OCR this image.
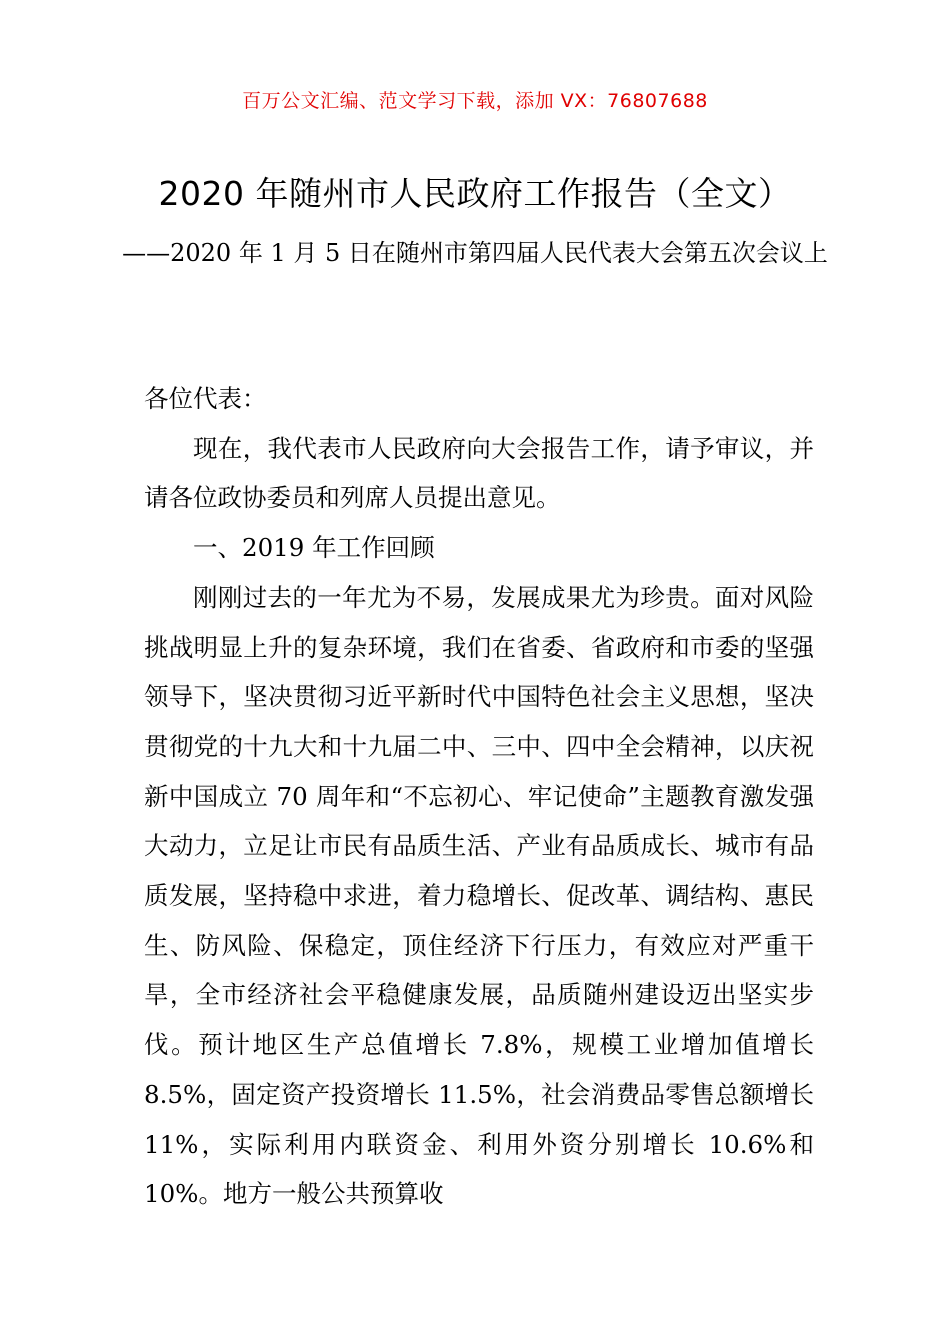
百万公文汇编、范文学习下载，添加 VX：76807688
2020 年随州市人民政府工作报告（全文）
——2020 年 1 月 5 日在随州市第四届人民代表大会第五次会议上

各位代表：

现在，我代表市人民政府向大会报告工作，请予审议，并请各位政协委员和列席人员提出意见。

一、2019 年工作回顾

刚刚过去的一年尤为不易，发展成果尤为珍贵。面对风险挑战明显上升的复杂环境，我们在省委、省政府和市委的坚强领导下，坚决贯彻习近平新时代中国特色社会主义思想，坚决贯彻党的十九大和十九届二中、三中、四中全会精神，以庆祝新中国成立 70 周年和“不忘初心、牢记使命”主题教育激发强大动力，立足让市民有品质生活、产业有品质成长、城市有品质发展，坚持稳中求进，着力稳增长、促改革、调结构、惠民生、防风险、保稳定，顶住经济下行压力，有效应对严重干旱，全市经济社会平稳健康发展，品质随州建设迈出坚实步伐。预计地区生产总值增长 7.8%，规模工业增加值增长 8.5%，固定资产投资增长 11.5%，社会消费品零售总额增长 11%，实际利用内联资金、利用外资分别增长 10.6%和 10%。地方一般公共预算收
